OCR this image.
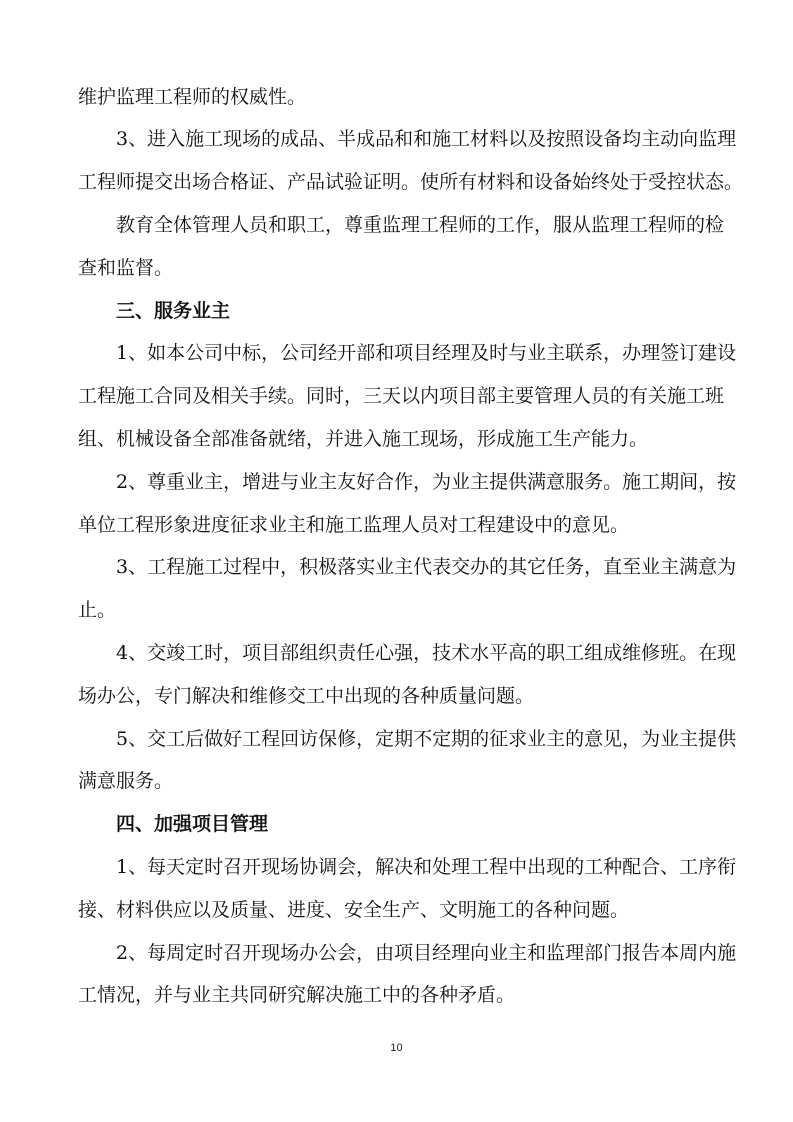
维护监理工程师的权威性。
3、进入施工现场的成品、半成品和和施工材料以及按照设备均主动向监理
工程师提交出场合格证、产品试验证明。使所有材料和设备始终处于受控状态。
教育全体管理人员和职工，尊重监理工程师的工作，服从监理工程师的检
查和监督。
三、服务业主
1、如本公司中标，公司经开部和项目经理及时与业主联系，办理签订建设
工程施工合同及相关手续。同时，三天以内项目部主要管理人员的有关施工班
组、机械设备全部准备就绪，并进入施工现场，形成施工生产能力。
2、尊重业主，增进与业主友好合作，为业主提供满意服务。施工期间，按
单位工程形象进度征求业主和施工监理人员对工程建设中的意见。
3、工程施工过程中，积极落实业主代表交办的其它任务，直至业主满意为
止。
4、交竣工时，项目部组织责任心强，技术水平高的职工组成维修班。在现
场办公，专门解决和维修交工中出现的各种质量问题。
5、交工后做好工程回访保修，定期不定期的征求业主的意见，为业主提供
满意服务。
四、加强项目管理
1、每天定时召开现场协调会，解决和处理工程中出现的工种配合、工序衔
接、材料供应以及质量、进度、安全生产、文明施工的各种问题。
2、每周定时召开现场办公会，由项目经理向业主和监理部门报告本周内施
工情况，并与业主共同研究解决施工中的各种矛盾。
10
